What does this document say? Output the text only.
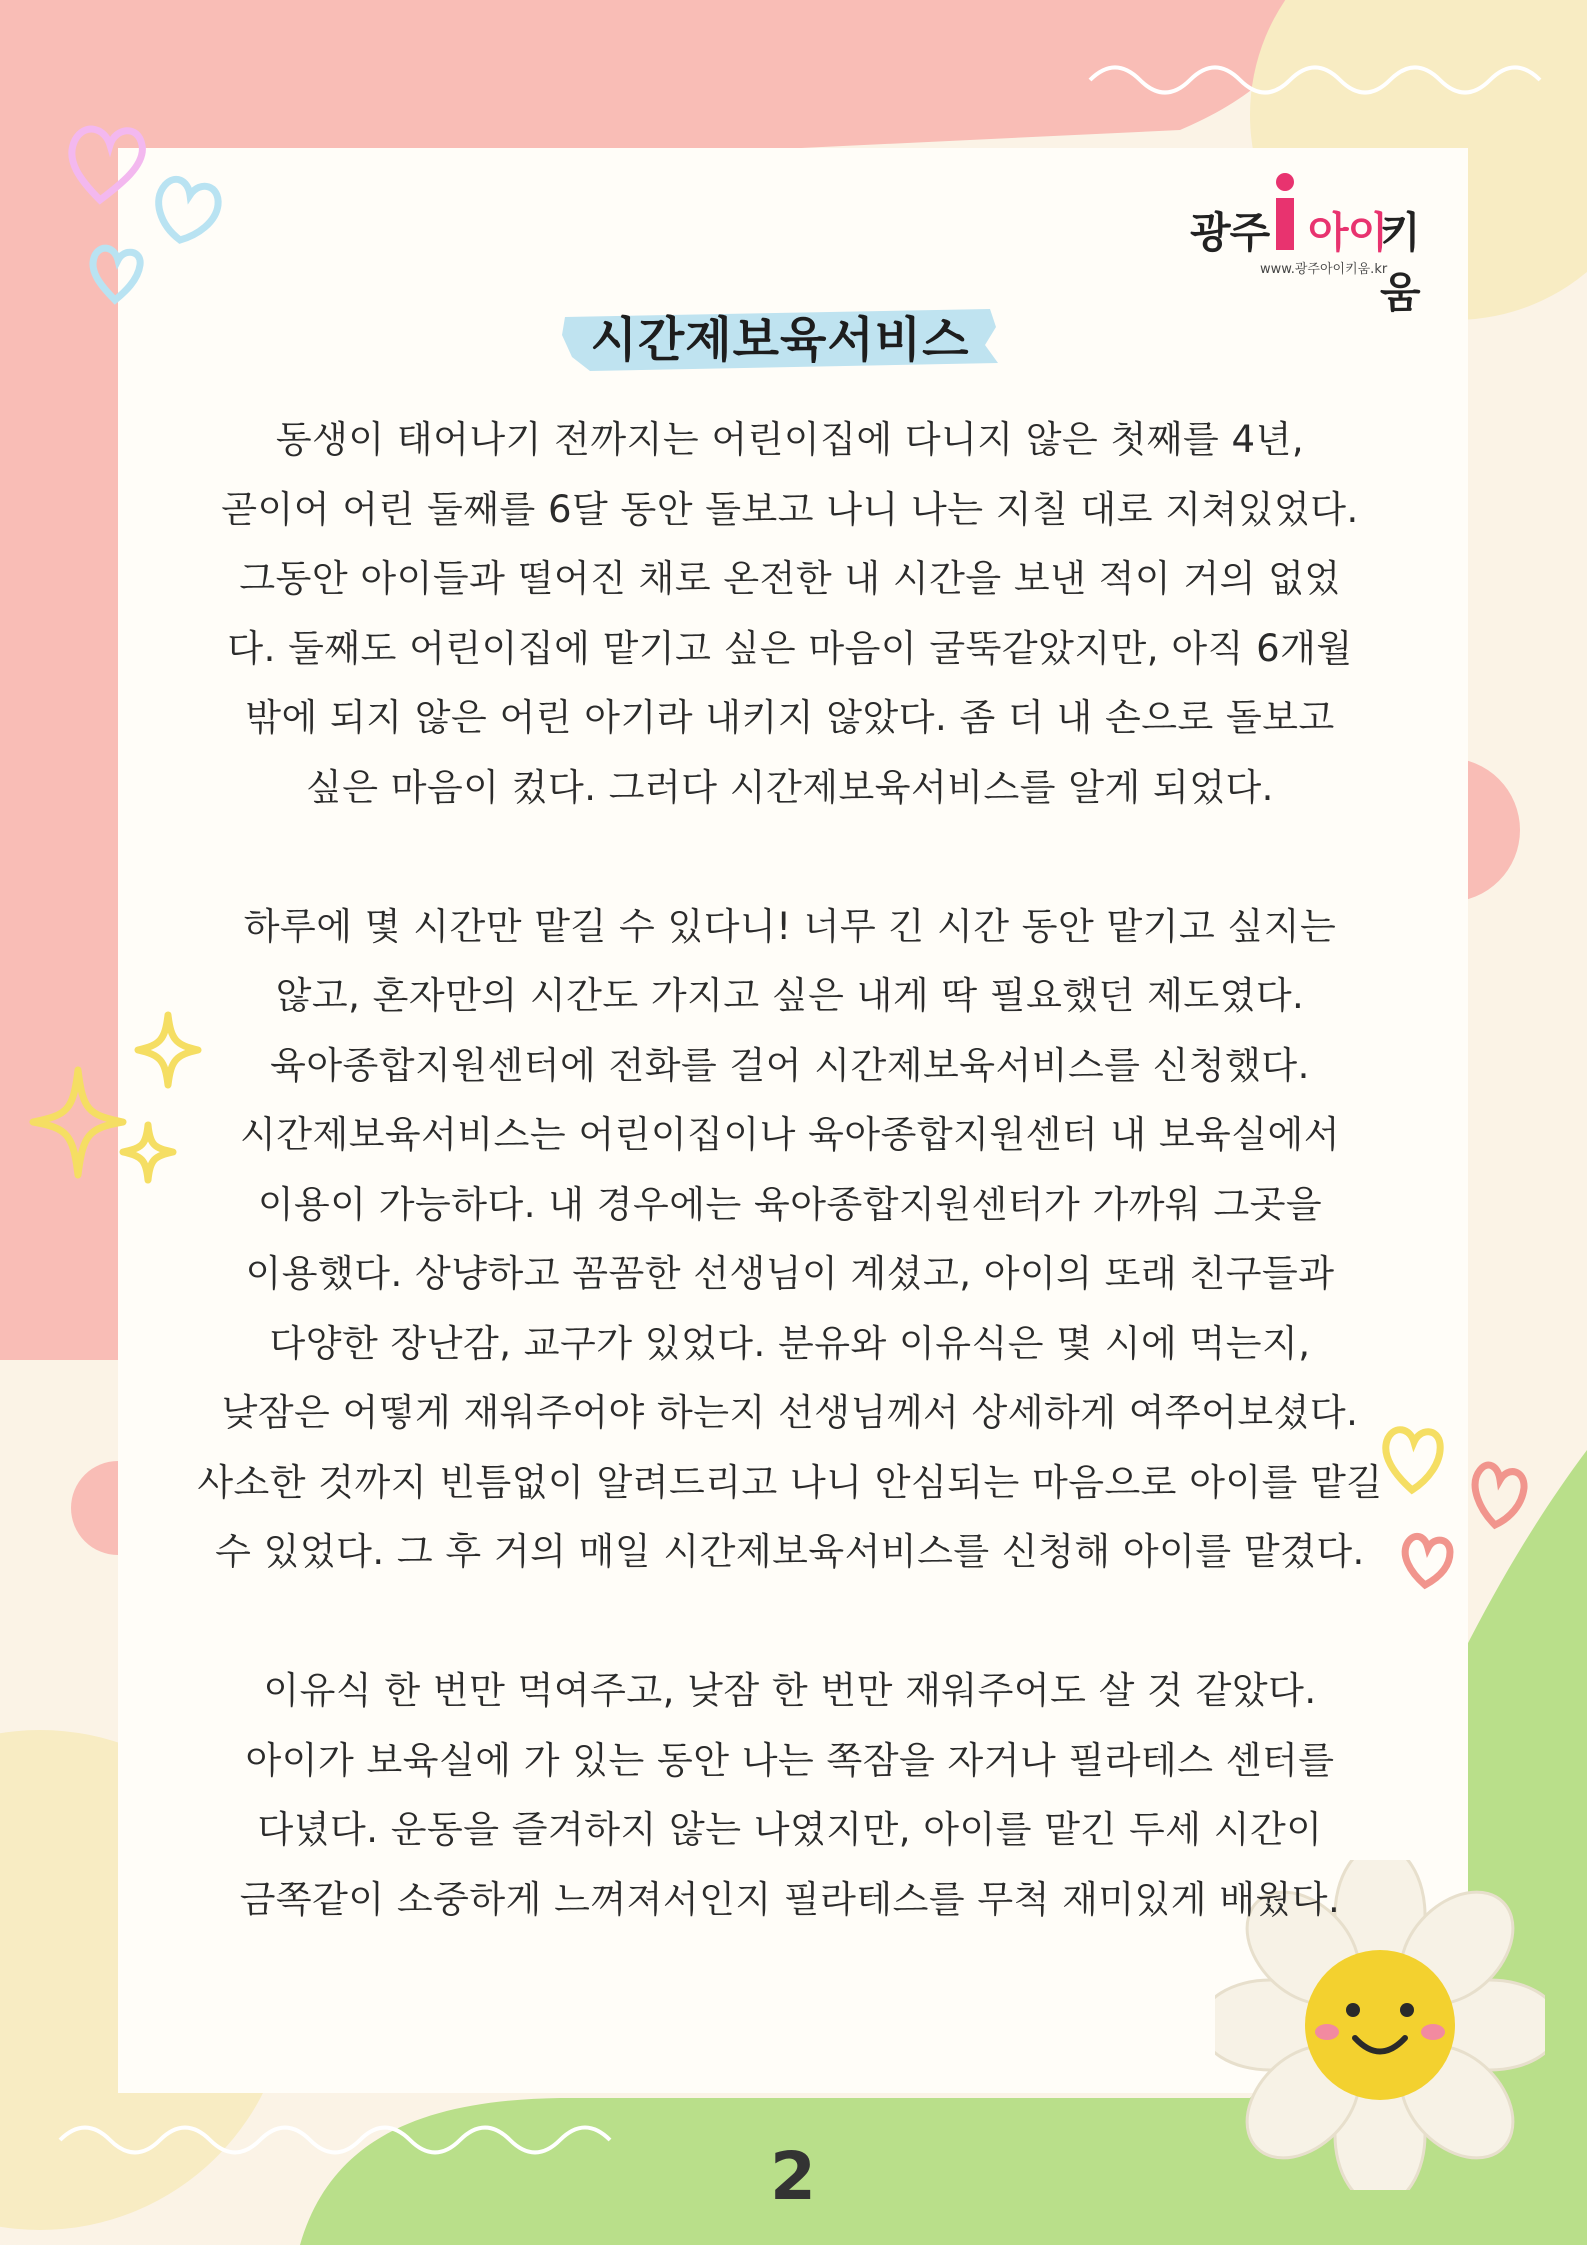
광주 아이
키움
www.광주아이키움.kr
시간제보육서비스

동생이 태어나기 전까지는 어린이집에 다니지 않은 첫째를 4년,
곧이어 어린 둘째를 6달 동안 돌보고 나니 나는 지칠 대로 지쳐있었다.
그동안 아이들과 떨어진 채로 온전한 내 시간을 보낸 적이 거의 없었
다. 둘째도 어린이집에 맡기고 싶은 마음이 굴뚝같았지만, 아직 6개월
밖에 되지 않은 어린 아기라 내키지 않았다. 좀 더 내 손으로 돌보고
싶은 마음이 컸다. 그러다 시간제보육서비스를 알게 되었다.

하루에 몇 시간만 맡길 수 있다니! 너무 긴 시간 동안 맡기고 싶지는
않고, 혼자만의 시간도 가지고 싶은 내게 딱 필요했던 제도였다.
육아종합지원센터에 전화를 걸어 시간제보육서비스를 신청했다.
시간제보육서비스는 어린이집이나 육아종합지원센터 내 보육실에서
이용이 가능하다. 내 경우에는 육아종합지원센터가 가까워 그곳을
이용했다. 상냥하고 꼼꼼한 선생님이 계셨고, 아이의 또래 친구들과
다양한 장난감, 교구가 있었다. 분유와 이유식은 몇 시에 먹는지,
낮잠은 어떻게 재워주어야 하는지 선생님께서 상세하게 여쭈어보셨다.
사소한 것까지 빈틈없이 알려드리고 나니 안심되는 마음으로 아이를 맡길
수 있었다. 그 후 거의 매일 시간제보육서비스를 신청해 아이를 맡겼다.

이유식 한 번만 먹여주고, 낮잠 한 번만 재워주어도 살 것 같았다.
아이가 보육실에 가 있는 동안 나는 쪽잠을 자거나 필라테스 센터를
다녔다. 운동을 즐겨하지 않는 나였지만, 아이를 맡긴 두세 시간이
금쪽같이 소중하게 느껴져서인지 필라테스를 무척 재미있게 배웠다.

2
